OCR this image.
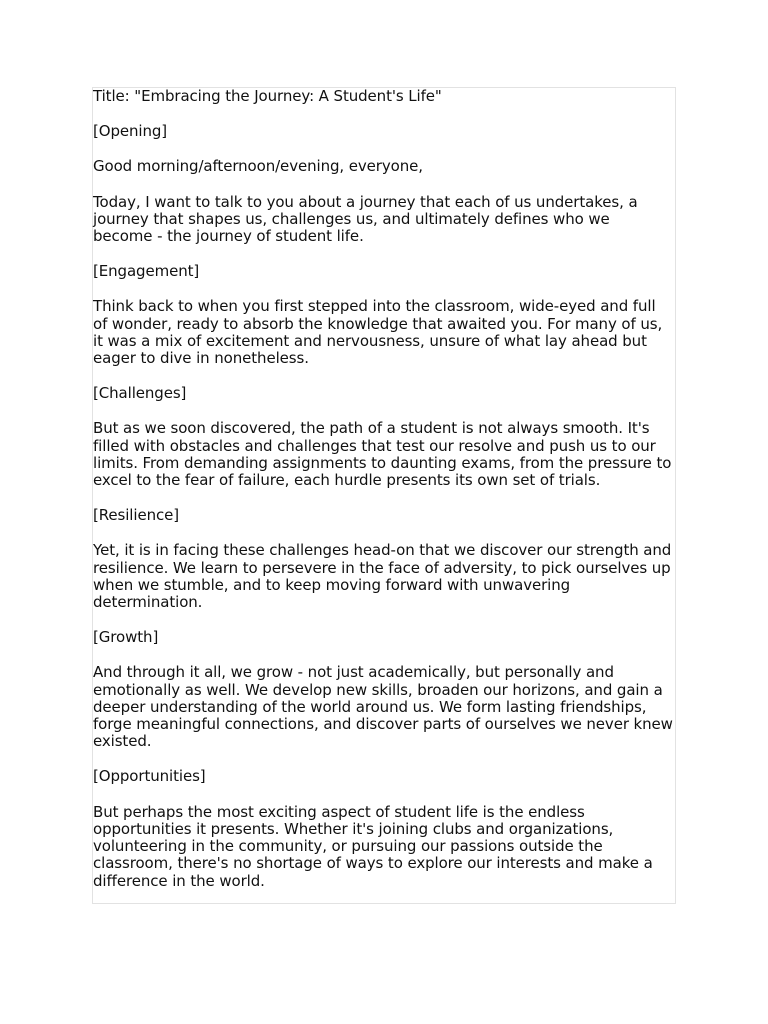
Title: "Embracing the Journey: A Student's Life"

[Opening]

Good morning/afternoon/evening, everyone,

Today, I want to talk to you about a journey that each of us undertakes, a journey that shapes us, challenges us, and ultimately defines who we become - the journey of student life.

[Engagement]

Think back to when you first stepped into the classroom, wide-eyed and full of wonder, ready to absorb the knowledge that awaited you. For many of us, it was a mix of excitement and nervousness, unsure of what lay ahead but eager to dive in nonetheless.

[Challenges]

But as we soon discovered, the path of a student is not always smooth. It's filled with obstacles and challenges that test our resolve and push us to our limits. From demanding assignments to daunting exams, from the pressure to excel to the fear of failure, each hurdle presents its own set of trials.

[Resilience]

Yet, it is in facing these challenges head-on that we discover our strength and resilience. We learn to persevere in the face of adversity, to pick ourselves up when we stumble, and to keep moving forward with unwavering determination.

[Growth]

And through it all, we grow - not just academically, but personally and emotionally as well. We develop new skills, broaden our horizons, and gain a deeper understanding of the world around us. We form lasting friendships, forge meaningful connections, and discover parts of ourselves we never knew existed.

[Opportunities]

But perhaps the most exciting aspect of student life is the endless opportunities it presents. Whether it's joining clubs and organizations, volunteering in the community, or pursuing our passions outside the classroom, there's no shortage of ways to explore our interests and make a difference in the world.
